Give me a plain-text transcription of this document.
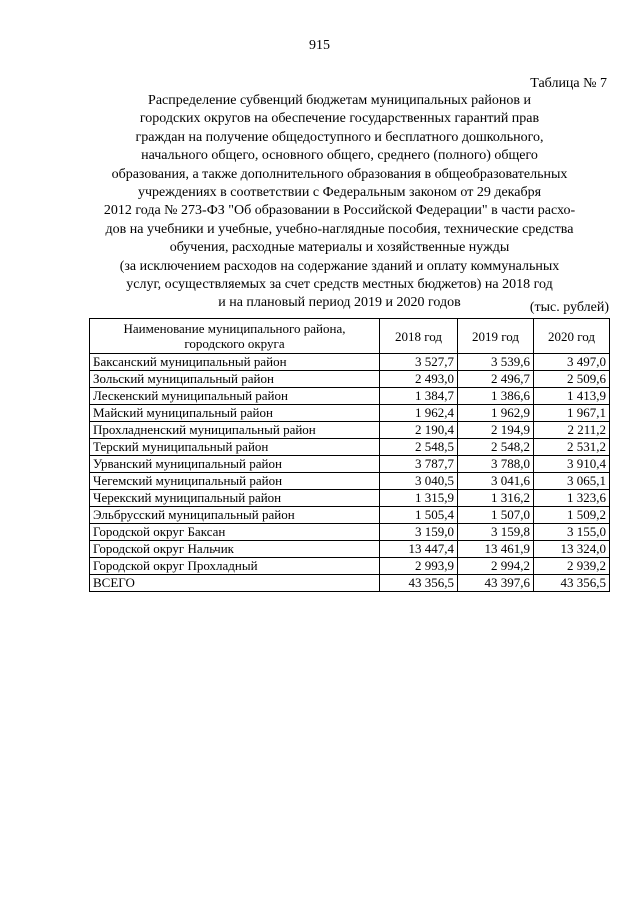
915
Таблица № 7
Распределение субвенций бюджетам муниципальных районов и
городских округов на обеспечение государственных гарантий прав
граждан на получение общедоступного и бесплатного дошкольного,
начального общего, основного общего, среднего (полного) общего
образования, а также дополнительного образования в общеобразовательных
учреждениях в соответствии с Федеральным законом от 29 декабря
2012 года № 273-ФЗ "Об образовании в Российской Федерации" в части расхо-
дов на учебники и учебные, учебно-наглядные пособия, технические средства
обучения, расходные материалы и хозяйственные нужды
(за исключением расходов на содержание зданий и оплату коммунальных
услуг, осуществляемых за счет средств местных бюджетов) на 2018 год
и на плановый период 2019 и 2020 годов	(тыс. рублей)
Наименование муниципального района, городского округа	2018 год	2019 год	2020 год
Баксанский муниципальный район	3 527,7	3 539,6	3 497,0
Зольский муниципальный район	2 493,0	2 496,7	2 509,6
Лескенский муниципальный район	1 384,7	1 386,6	1 413,9
Майский муниципальный район	1 962,4	1 962,9	1 967,1
Прохладненский муниципальный район	2 190,4	2 194,9	2 211,2
Терский муниципальный район	2 548,5	2 548,2	2 531,2
Урванский муниципальный район	3 787,7	3 788,0	3 910,4
Чегемский муниципальный район	3 040,5	3 041,6	3 065,1
Черекский муниципальный район	1 315,9	1 316,2	1 323,6
Эльбрусский муниципальный район	1 505,4	1 507,0	1 509,2
Городской округ Баксан	3 159,0	3 159,8	3 155,0
Городской округ Нальчик	13 447,4	13 461,9	13 324,0
Городской округ Прохладный	2 993,9	2 994,2	2 939,2
ВСЕГО	43 356,5	43 397,6	43 356,5
